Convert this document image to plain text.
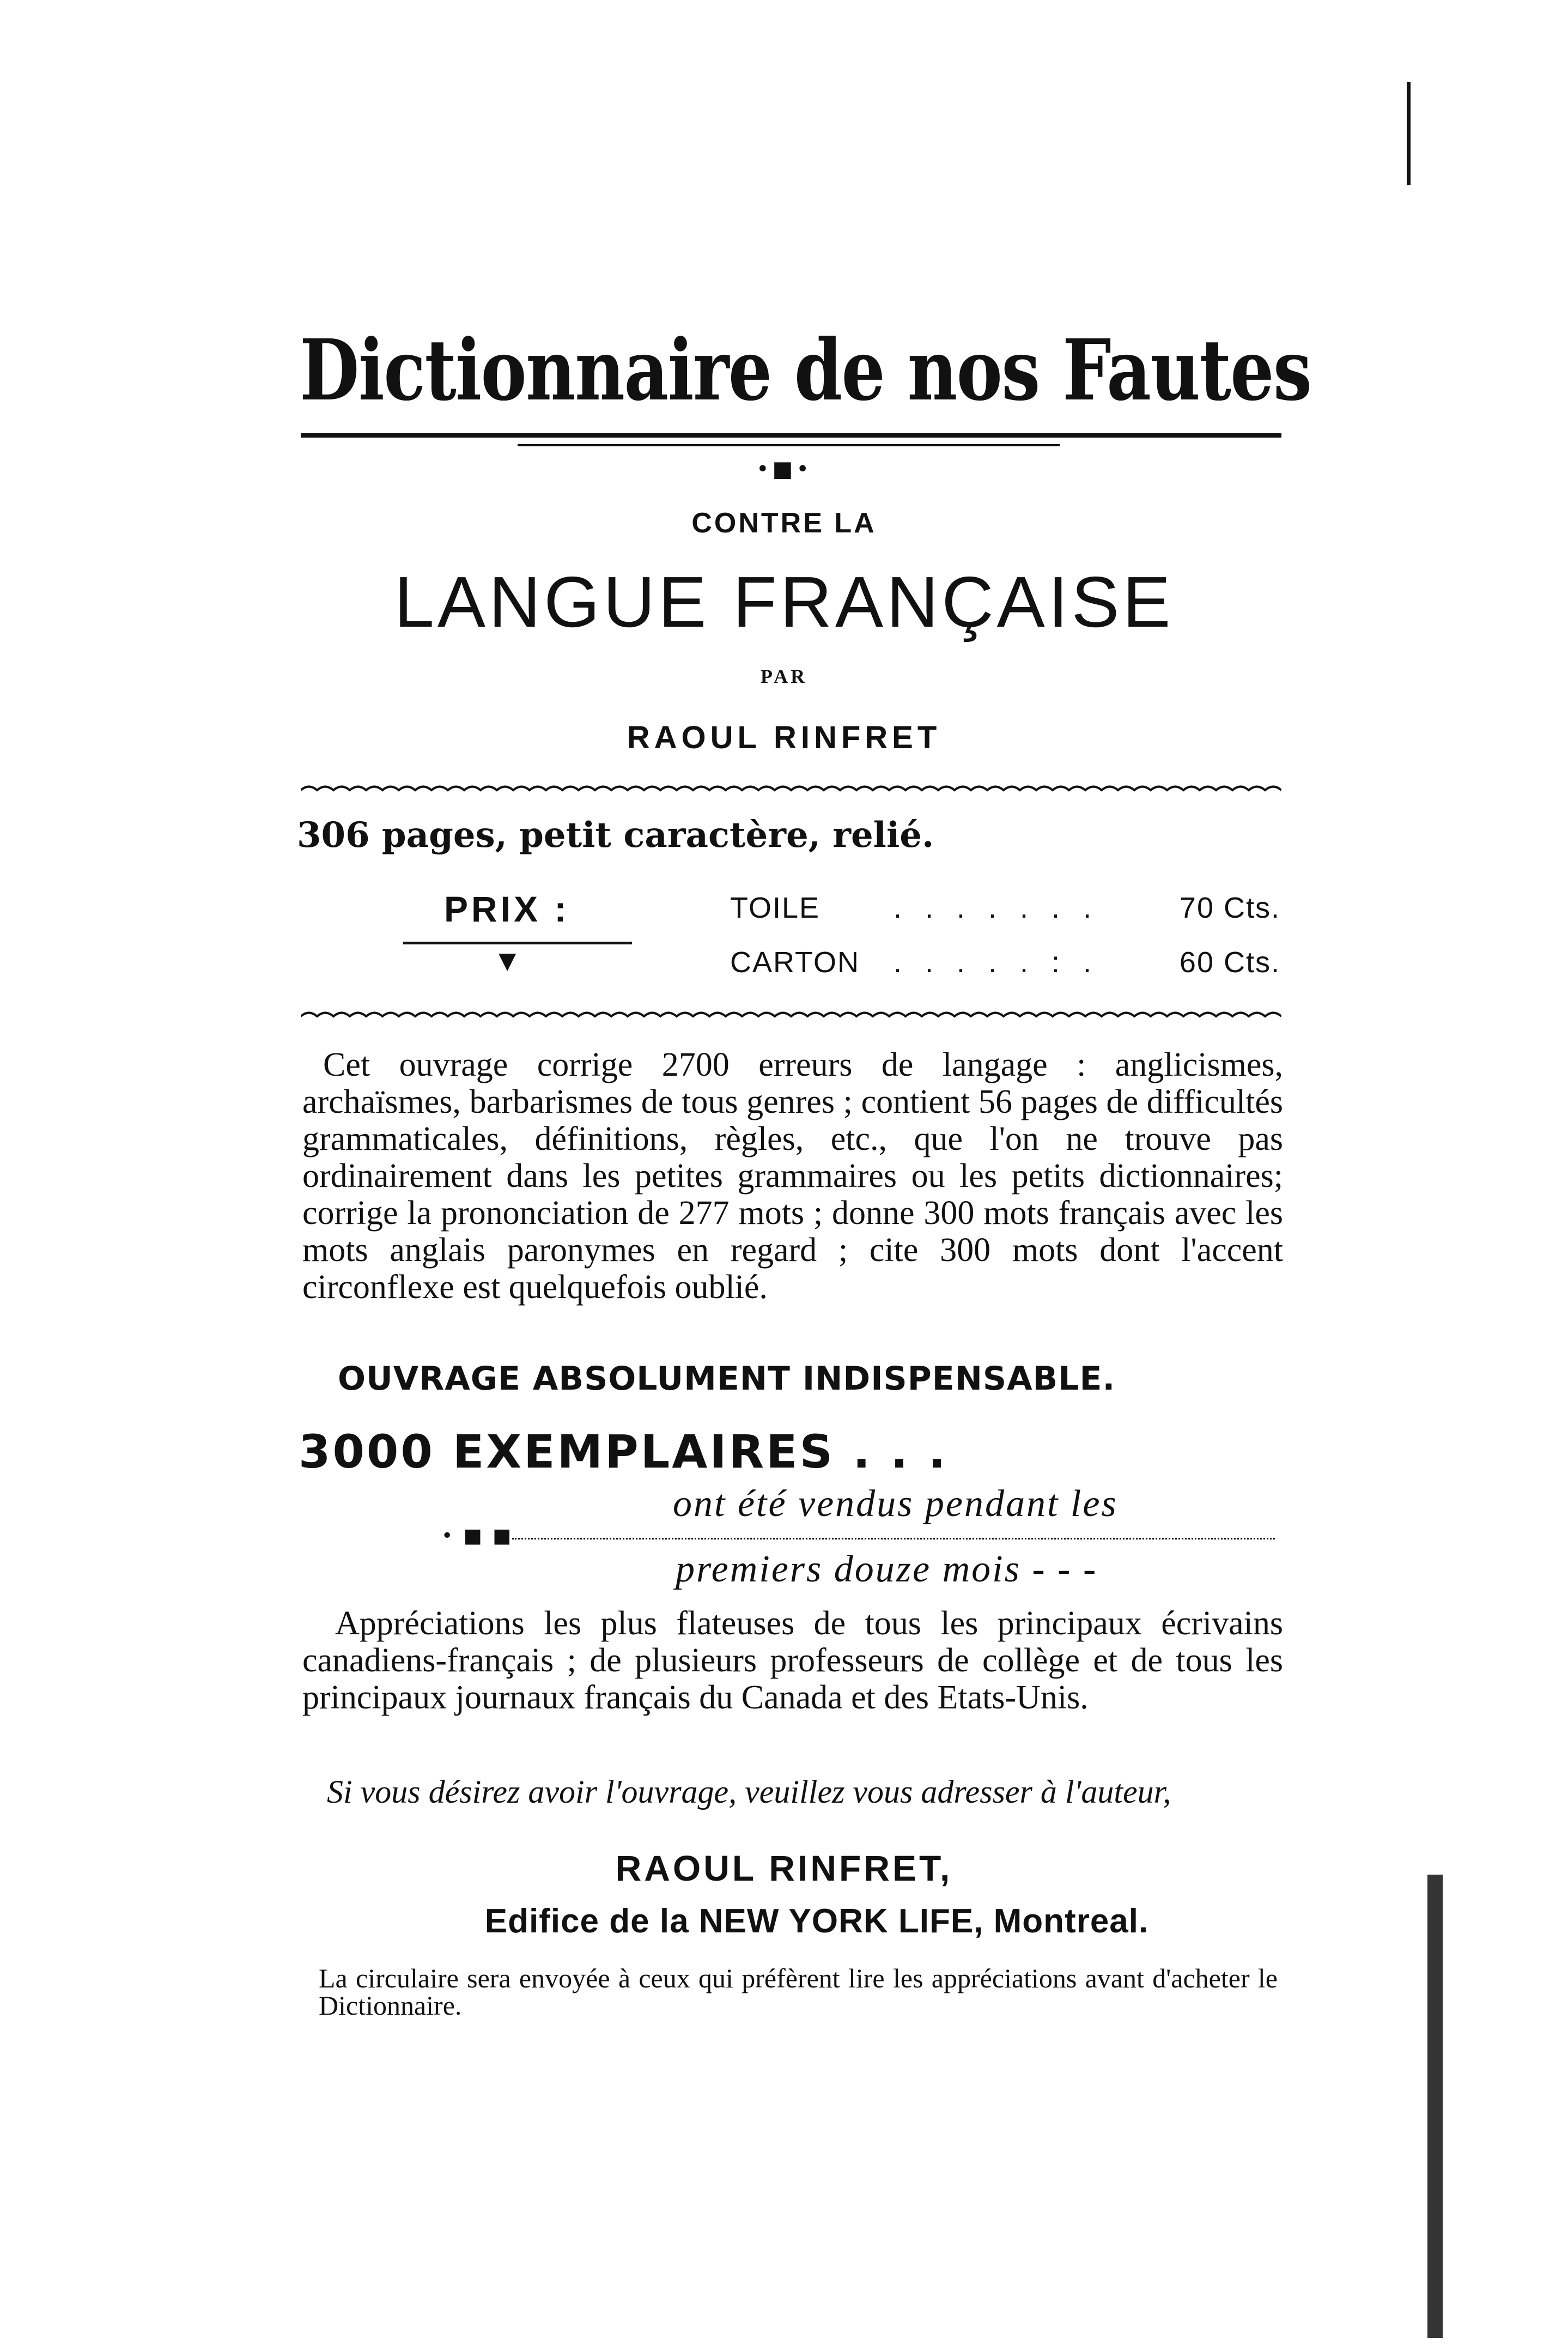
Dictionnaire de nos Fautes
•■•
CONTRE LA
LANGUE FRANÇAISE
PAR
RAOUL RINFRET
306 pages, petit caractère, relié.
PRIX :
▼
TOILE . . . . . . .	70 Cts.
CARTON . . . . . : .	60 Cts.
Cet ouvrage corrige 2700 erreurs de langage : anglicismes, archaïsmes, barbarismes de tous genres ; contient 56 pages de difficultés grammaticales, définitions, règles, etc., que l'on ne trouve pas ordinairement dans les petites grammaires ou les petits dictionnaires; corrige la prononciation de 277 mots ; donne 300 mots français avec les mots anglais paronymes en regard ; cite 300 mots dont l'accent circonflexe est quelquefois oublié.
OUVRAGE ABSOLUMENT INDISPENSABLE.
3000 EXEMPLAIRES . . .
ont été vendus pendant les
• ■ ■
premiers douze mois - - -
Appréciations les plus flateuses de tous les principaux écrivains canadiens-français ; de plusieurs professeurs de collège et de tous les principaux journaux français du Canada et des Etats-Unis.
Si vous désirez avoir l'ouvrage, veuillez vous adresser à l'auteur,
RAOUL RINFRET,
Edifice de la NEW YORK LIFE, Montreal.
La circulaire sera envoyée à ceux qui préfèrent lire les appréciations avant d'acheter le Dictionnaire.
